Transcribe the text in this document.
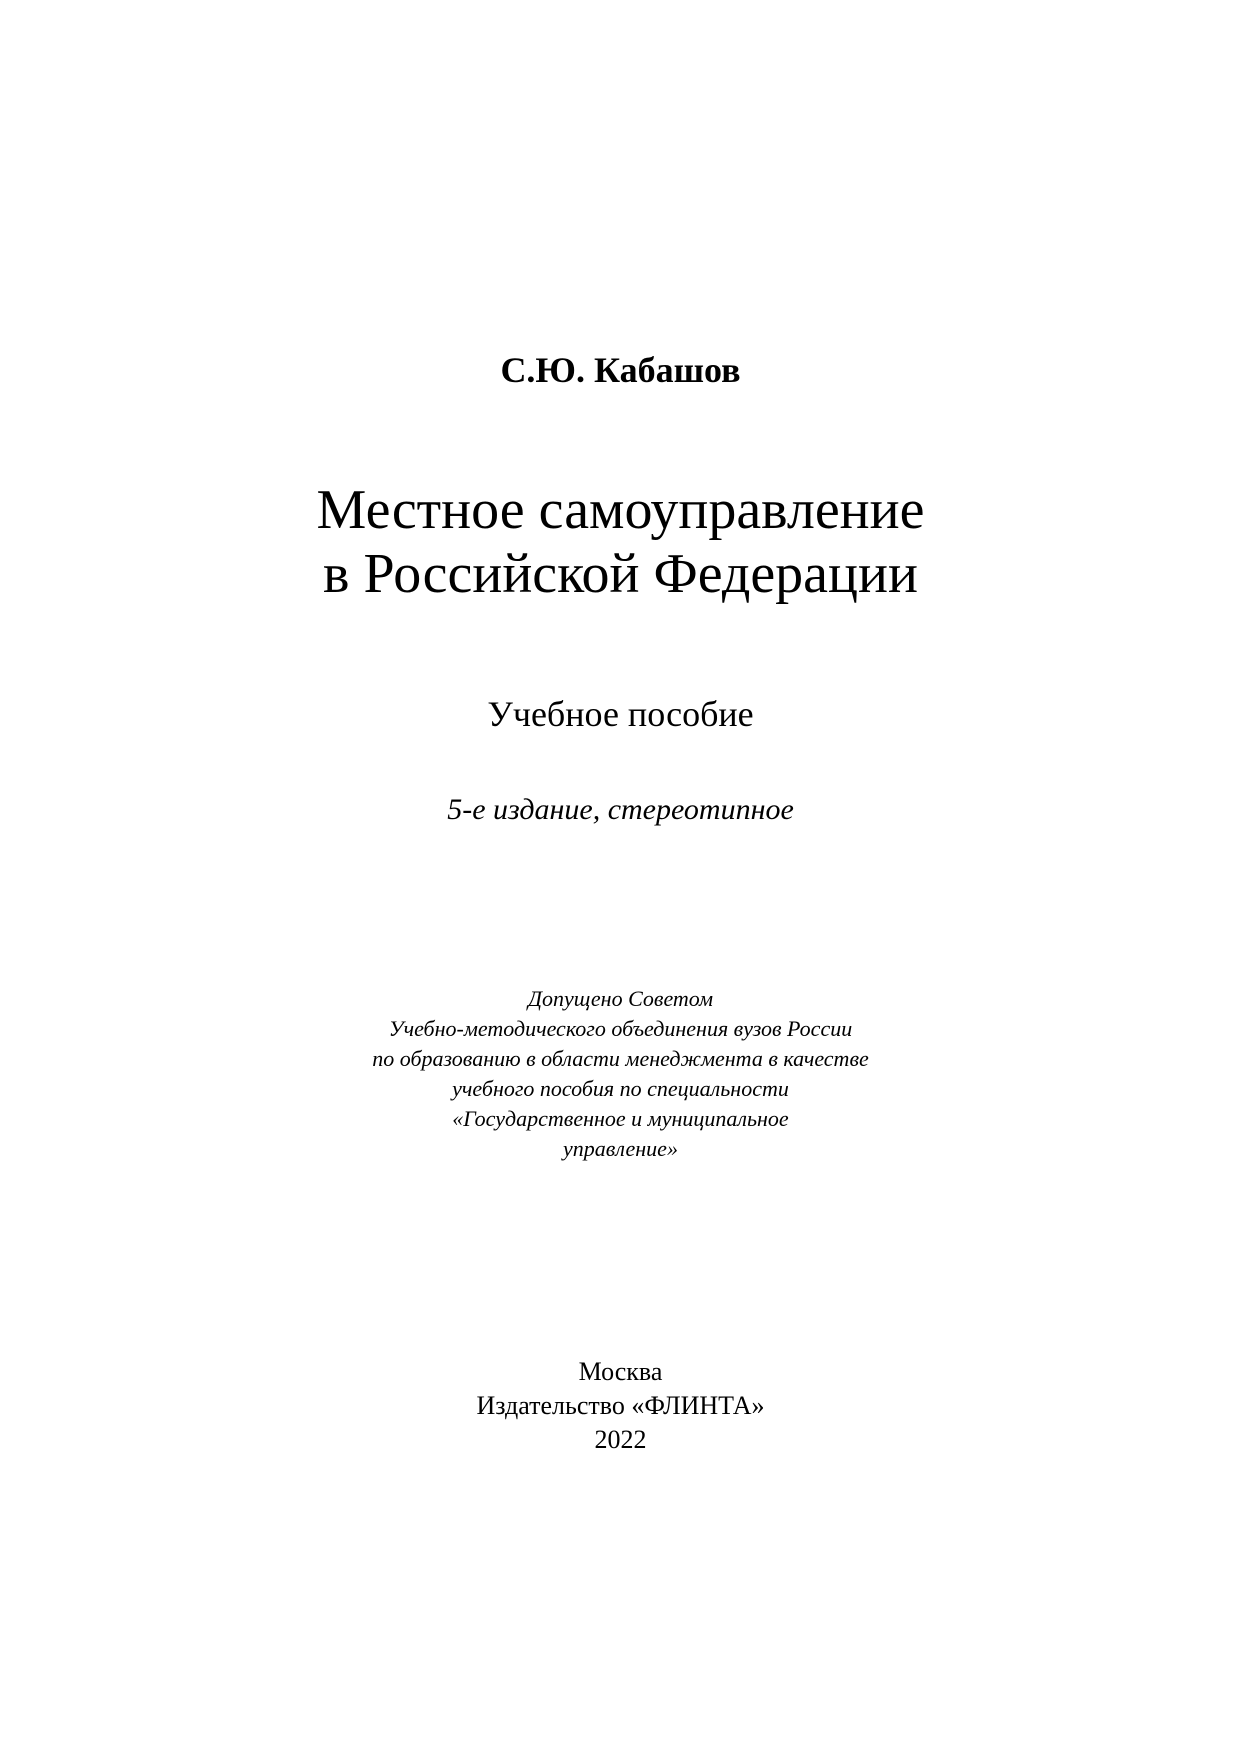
С.Ю. Кабашов
Местное самоуправление
в Российской Федерации
Учебное пособие
5-е издание, стереотипное
Допущено Советом
Учебно-методического объединения вузов России
по образованию в области менеджмента в качестве
учебного пособия по специальности
«Государственное и муниципальное
управление»
Москва
Издательство «ФЛИНТА»
2022
